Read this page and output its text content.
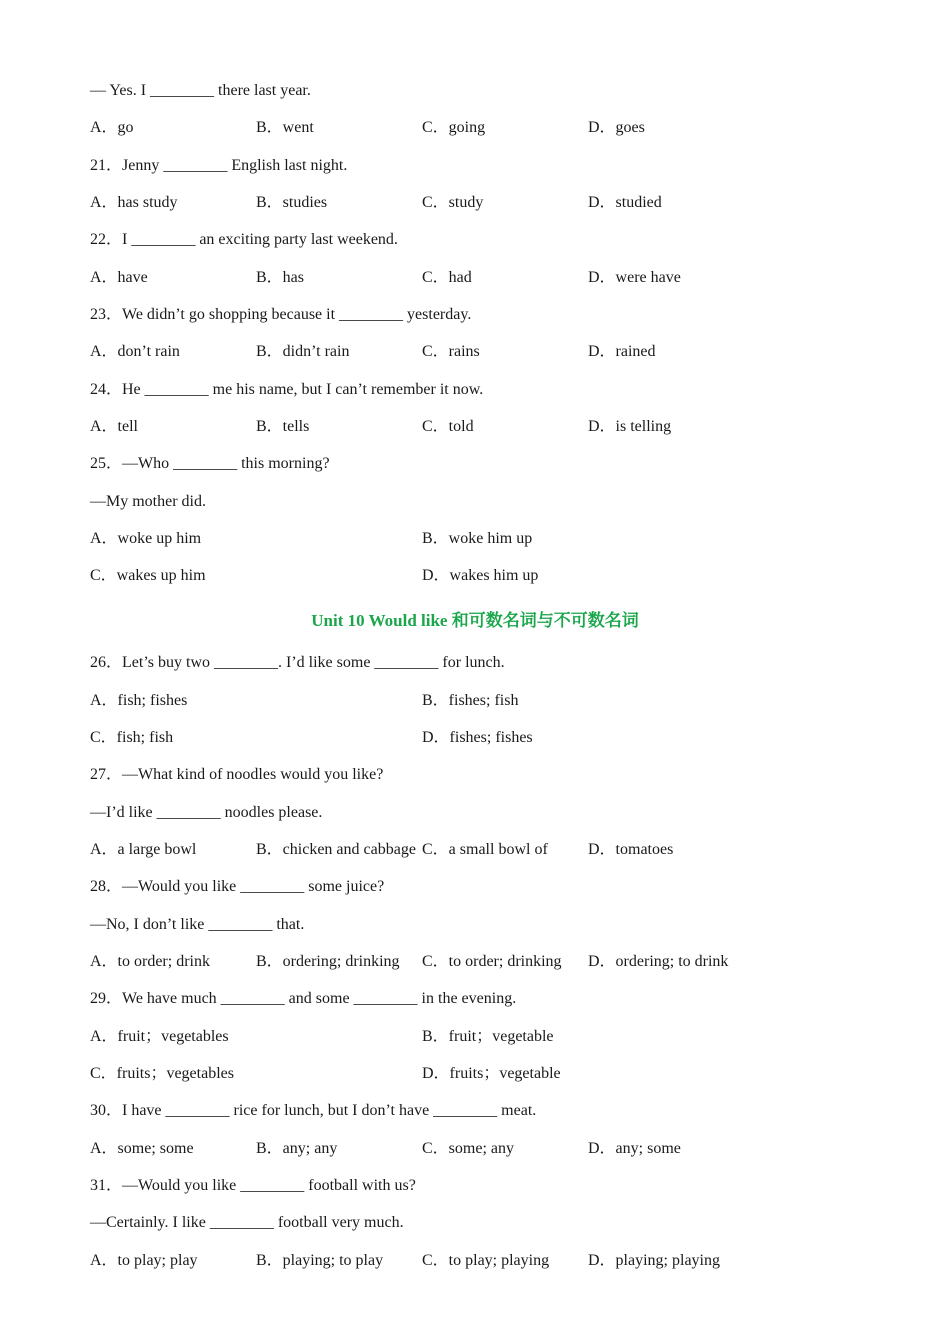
— Yes. I ________ there last year.
A．go	B．went	C．going	D．goes
21．Jenny ________ English last night.
A．has study	B．studies	C．study	D．studied
22．I ________ an exciting party last weekend.
A．have	B．has	C．had	D．were have
23．We didn’t go shopping because it ________ yesterday.
A．don’t rain	B．didn’t rain	C．rains	D．rained
24．He ________ me his name, but I can’t remember it now.
A．tell	B．tells	C．told	D．is telling
25．—Who ________ this morning?
—My mother did.
A．woke up him	B．woke him up
C．wakes up him	D．wakes him up
Unit 10 Would like 和可数名词与不可数名词
26．Let’s buy two ________. I’d like some ________ for lunch.
A．fish; fishes	B．fishes; fish
C．fish; fish	D．fishes; fishes
27．—What kind of noodles would you like?
—I’d like ________ noodles please.
A．a large bowl	B．chicken and cabbage C．a small bowl of	D．tomatoes
28．—Would you like ________ some juice?
—No, I don’t like ________ that.
A．to order; drink	B．ordering; drinking C．to order; drinking D．ordering; to drink
29．We have much ________ and some ________ in the evening.
A．fruit；vegetables	B．fruit；vegetable
C．fruits；vegetables	D．fruits；vegetable
30．I have ________ rice for lunch, but I don’t have ________ meat.
A．some; some	B．any; any	C．some; any	D．any; some
31．—Would you like ________ football with us?
—Certainly. I like ________ football very much.
A．to play; play	B．playing; to play C．to play; playing D．playing; playing
